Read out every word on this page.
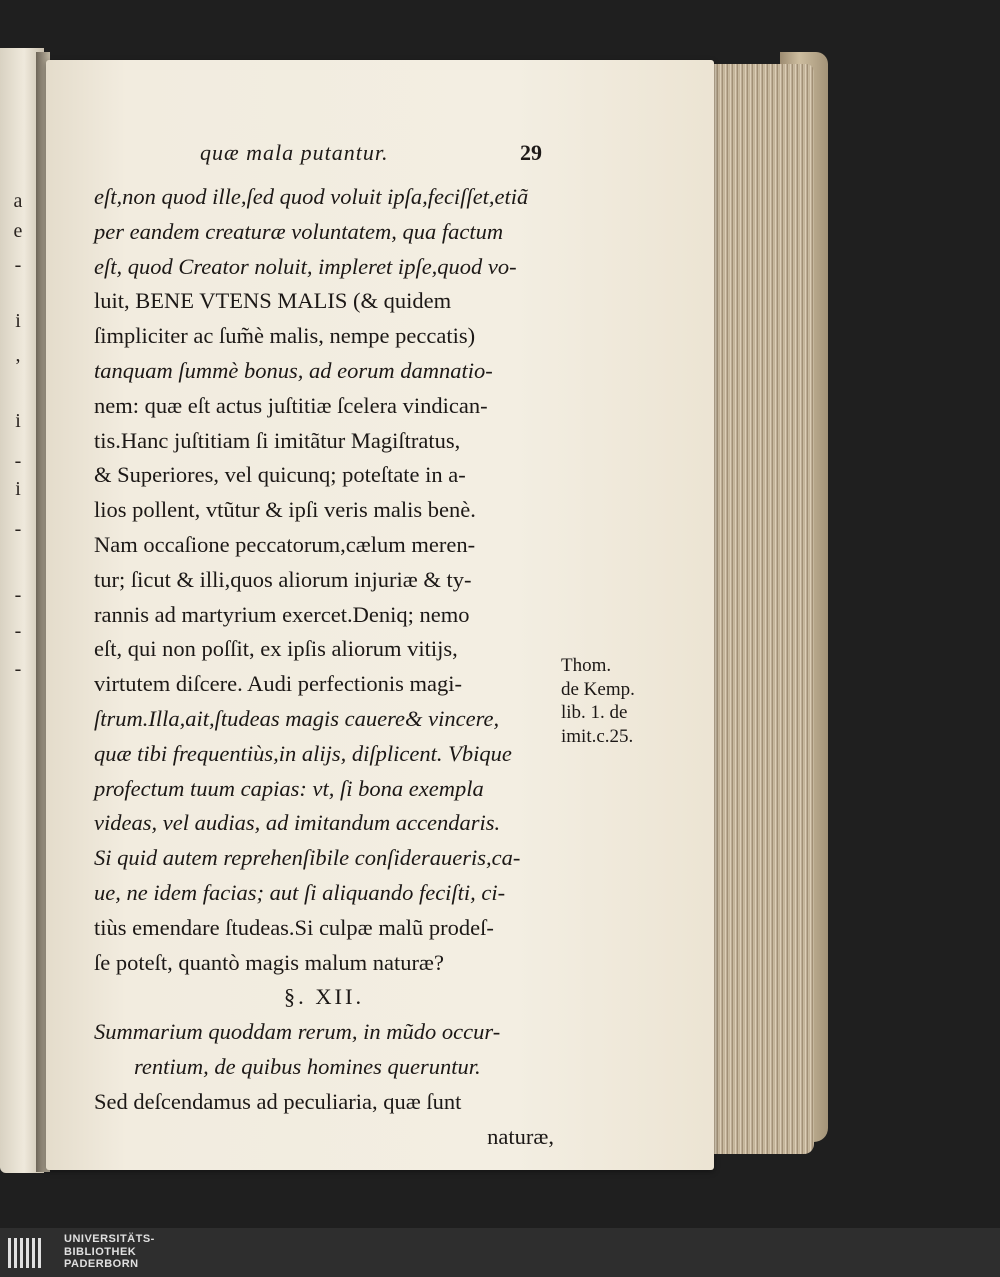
a
e
-
i
,
i
-
i
-
-
-
-
quæ mala putantur.	29
eſt,non quod ille,ſed quod voluit ipſa,feciſſet,etiã
per eandem creaturæ voluntatem, qua factum
eſt, quod Creator noluit, impleret ipſe,quod vo-
luit, BENE VTENS MALIS (& quidem
ſimpliciter ac ſum̃è malis, nempe peccatis)
tanquam ſummè bonus, ad eorum damnatio-
nem: quæ eſt actus juſtitiæ ſcelera vindican-
tis.Hanc juſtitiam ſi imitãtur Magiſtratus,
& Superiores, vel quicunq; poteſtate in a-
lios pollent, vtũtur & ipſi veris malis benè.
Nam occaſione peccatorum,cælum meren-
tur; ſicut & illi,quos aliorum injuriæ & ty-
rannis ad martyrium exercet.Deniq; nemo
eſt, qui non poſſit, ex ipſis aliorum vitijs,
virtutem diſcere. Audi perfectionis magi-
ſtrum.Illa,ait,ſtudeas magis cauere& vincere,
quæ tibi frequentiùs,in alijs, diſplicent. Vbique
profectum tuum capias: vt, ſi bona exempla
videas, vel audias, ad imitandum accendaris.
Si quid autem reprehenſibile conſideraueris,ca-
ue, ne idem facias; aut ſi aliquando feciſti, ci-
tiùs emendare ſtudeas.Si culpæ malũ prodeſ-
ſe poteſt, quantò magis malum naturæ?
§. XII.
Summarium quoddam rerum, in mũdo occur-
rentium, de quibus homines queruntur.
Sed deſcendamus ad peculiaria, quæ ſunt
naturæ,
Thom.
de Kemp.
lib. 1. de
imit.c.25.
UNIVERSITÄTS-
BIBLIOTHEK
PADERBORN
